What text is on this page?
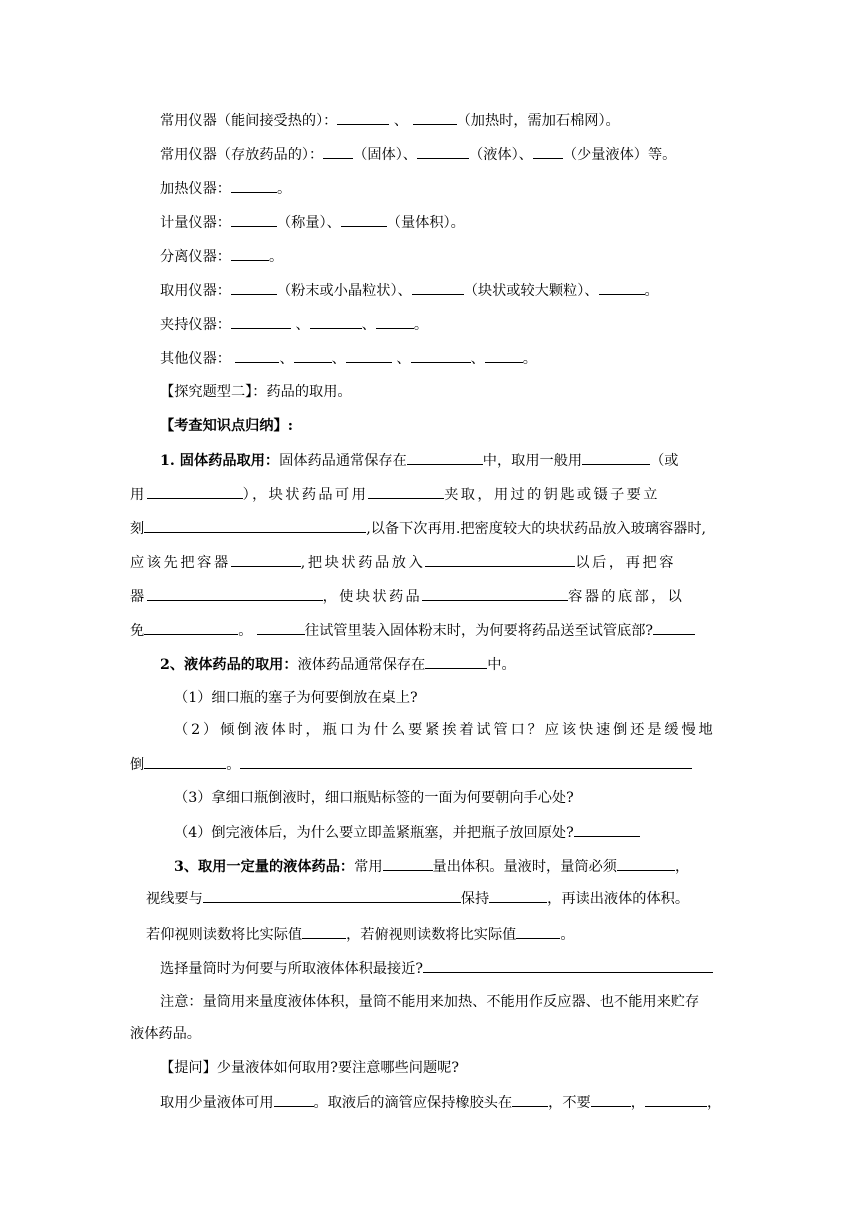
常用仪器（能间接受热的）：	、	（加热时，需加石棉网）。
常用仪器（存放药品的）： （固体）、	（液体）、 （少量液体）等。
加热仪器：	。
计量仪器：	（称量）、	（量体积）。
分离仪器：	。
取用仪器：	（粉末或小晶粒状）、	（块状或较大颗粒）、	。
夹持仪器：	、	、	。
其他仪器：	、	、	、	、	。
【探究题型二】：药品的取用。
【考查知识点归纳】:
1. 固体药品取用：固体药品通常保存在	中，取用一般用	（或
用	），块状药品可用	夹取，用过的钥匙或镊子要立
刻	,以备下次再用.把密度较大的块状药品放入玻璃容器时,
应该先把容器	,把块状药品放入	以后，再把容
器	，使块状药品	容器的底部，以
免	。	往试管里装入固体粉末时，为何要将药品送至试管底部?
2、液体药品的取用：液体药品通常保存在	中。
（1）细口瓶的塞子为何要倒放在桌上?
（2）倾倒液体时，瓶口为什么要紧挨着试管口？应该快速倒还是缓慢地
倒	。
（3）拿细口瓶倒液时，细口瓶贴标签的一面为何要朝向手心处?
（4）倒完液体后，为什么要立即盖紧瓶塞，并把瓶子放回原处?
3、取用一定量的液体药品：常用	量出体积。量液时，量筒必须	，
视线要与	保持	，再读出液体的体积。
若仰视则读数将比实际值	，若俯视则读数将比实际值	。
选择量筒时为何要与所取液体体积最接近?
注意：量筒用来量度液体体积，量筒不能用来加热、不能用作反应器、也不能用来贮存
液体药品。
【提问】少量液体如何取用?要注意哪些问题呢?
取用少量液体可用	。取液后的滴管应保持橡胶头在	，不要	，	，
